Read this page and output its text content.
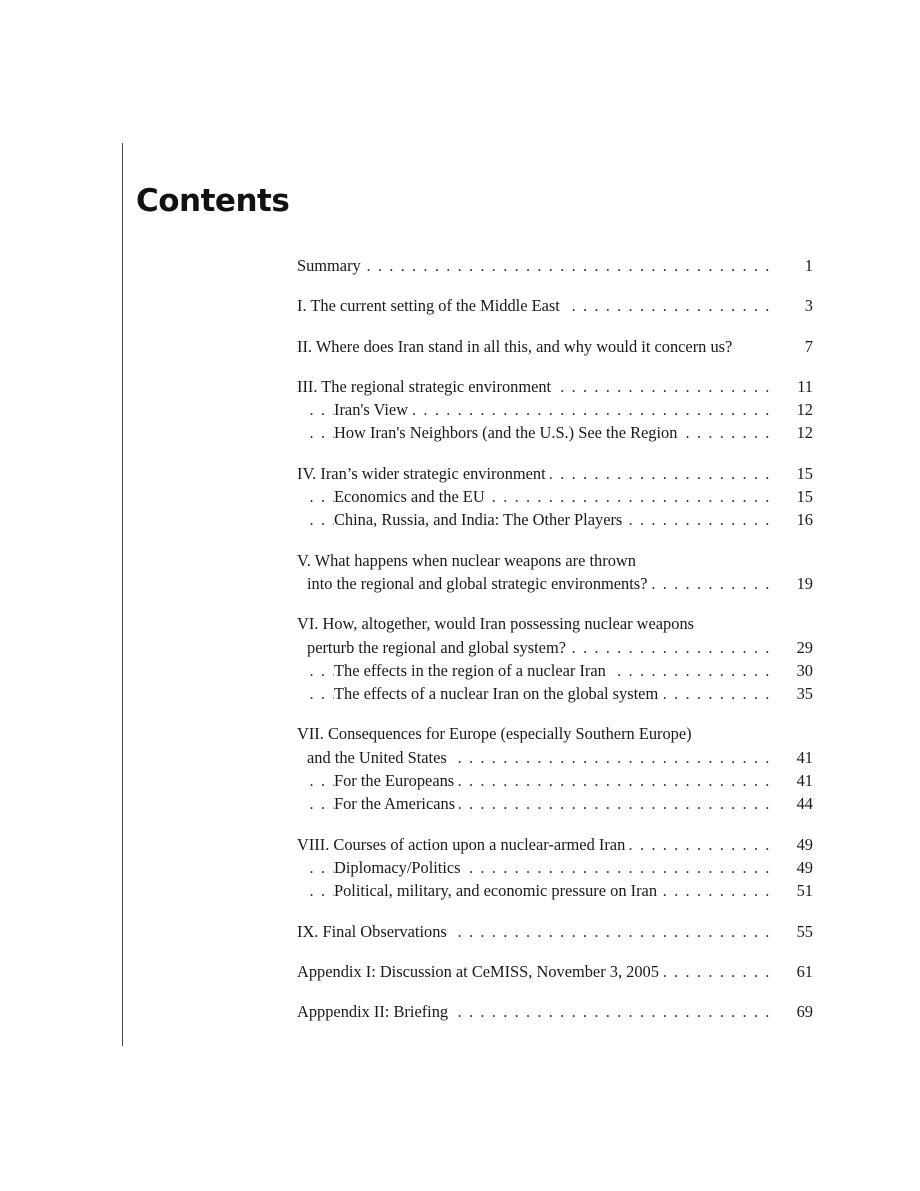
Contents
. . . Summary	1
. . . I. The current setting of the Middle East	3
II. Where does Iran stand in all this, and why would it concern us?	7
. . . III. The regional strategic environment	11
. . . Iran's View	12
. . . How Iran's Neighbors (and the U.S.) See the Region	12
. . . IV. Iran’s wider strategic environment	15
. . . Economics and the EU	15
. . . China, Russia, and India: The Other Players	16
V. What happens when nuclear weapons are thrown
. . . into the regional and global strategic environments?	19
VI. How, altogether, would Iran possessing nuclear weapons
. . . perturb the regional and global system?	29
. . . The effects in the region of a nuclear Iran	30
. . . The effects of a nuclear Iran on the global system	35
VII. Consequences for Europe (especially Southern Europe)
. . . and the United States	41
. . . For the Europeans	41
. . . For the Americans	44
. . . VIII. Courses of action upon a nuclear-armed Iran	49
. . . Diplomacy/Politics	49
. . . Political, military, and economic pressure on Iran	51
. . . IX. Final Observations	55
. . . Appendix I: Discussion at CeMISS, November 3, 2005	61
. . . Apppendix II: Briefing	69
